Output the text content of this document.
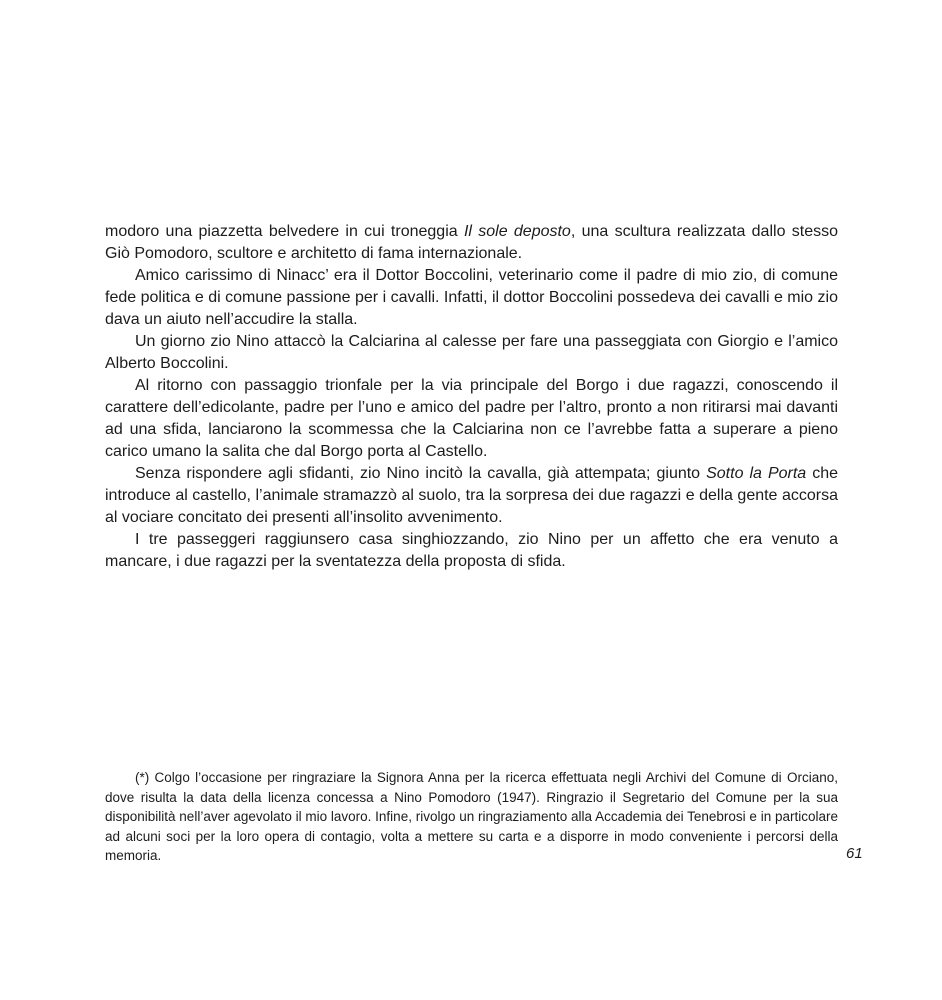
modoro una piazzetta belvedere in cui troneggia Il sole deposto, una scultura realizzata dallo stesso Giò Pomodoro, scultore e architetto di fama internazionale.

Amico carissimo di Ninacc’ era il Dottor Boccolini, veterinario come il padre di mio zio, di comune fede politica e di comune passione per i cavalli. Infatti, il dottor Boccolini possedeva dei cavalli e mio zio dava un aiuto nell’accudire la stalla.

Un giorno zio Nino attaccò la Calciarina al calesse per fare una passeggiata con Giorgio e l’amico Alberto Boccolini.

Al ritorno con passaggio trionfale per la via principale del Borgo i due ragazzi, conoscendo il carattere dell’edicolante, padre per l’uno e amico del padre per l’altro, pronto a non ritirarsi mai davanti ad una sfida, lanciarono la scommessa che la Calciarina non ce l’avrebbe fatta a superare a pieno carico umano la salita che dal Borgo porta al Castello.

Senza rispondere agli sfidanti, zio Nino incitò la cavalla, già attempata; giunto Sotto la Porta che introduce al castello, l’animale stramazzò al suolo, tra la sorpresa dei due ragazzi e della gente accorsa al vociare concitato dei presenti all’insolito avvenimento.

I tre passeggeri raggiunsero casa singhiozzando, zio Nino per un affetto che era venuto a mancare, i due ragazzi per la sventatezza della proposta di sfida.

(*) Colgo l’occasione per ringraziare la Signora Anna per la ricerca effettuata negli Archivi del Comune di Orciano, dove risulta la data della licenza concessa a Nino Pomodoro (1947). Ringrazio il Segretario del Comune per la sua disponibilità nell’aver agevolato il mio lavoro. Infine, rivolgo un ringraziamento alla Accademia dei Tenebrosi e in particolare ad alcuni soci per la loro opera di contagio, volta a mettere su carta e a disporre in modo conveniente i percorsi della memoria.	61
